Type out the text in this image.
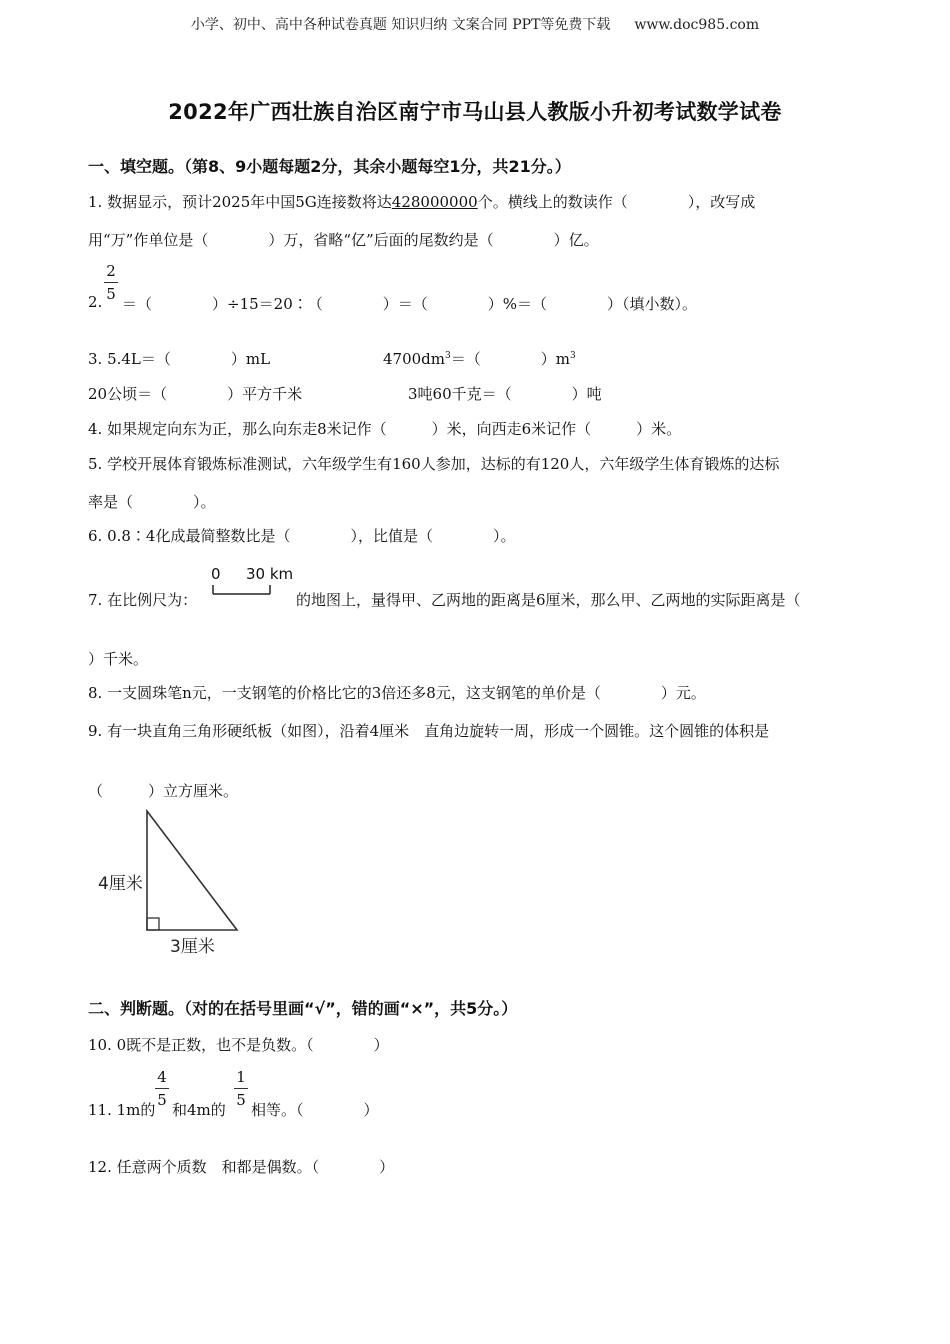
小学、初中、高中各种试卷真题 知识归纳 文案合同 PPT等免费下载 www.doc985.com
2022年广西壮族自治区南宁市马山县人教版小升初考试数学试卷
一、填空题。（第8、9小题每题2分，其余小题每空1分，共21分。）
1. 数据显示，预计2025年中国5G连接数将达428000000个。横线上的数读作（　　　　），改写成
用“万”作单位是（　　　　）万，省略“亿”后面的尾数约是（　　　　）亿。
2.
2
5
＝（　　　　）÷15＝20∶（　　　　）＝（　　　　）%＝（　　　　）（填小数）。
3. 5.4L＝（　　　　）mL	$4700dm^3=$（　　　　）$m^3$
20公顷＝（　　　　）平方千米	3吨60千克＝（　　　　）吨
4. 如果规定向东为正，那么向东走8米记作（　　　）米，向西走6米记作（　　　）米。
5. 学校开展体育锻炼标准测试，六年级学生有160人参加，达标的有120人，六年级学生体育锻炼的达标
率是（　　　　）。
6. 0.8∶4化成最简整数比是（　　　　），比值是（　　　　）。
7. 在比例尺为：
0 30 km
的地图上，量得甲、乙两地的距离是6厘米，那么甲、乙两地的实际距离是（
）千米。
8. 一支圆珠笔n元，一支钢笔的价格比它的3倍还多8元，这支钢笔的单价是（　　　　）元。
9. 有一块直角三角形硬纸板（如图），沿着4厘米　直角边旋转一周，形成一个圆锥。这个圆锥的体积是
（　　　）立方厘米。
4厘米
3厘米
二、判断题。（对的在括号里画“√”，错的画“×”，共5分。）
10. 0既不是正数，也不是负数。（　　　　）
11. 1m的
4
5
和4m的
1
5
相等。（　　　　）
12. 任意两个质数　和都是偶数。（　　　　）
